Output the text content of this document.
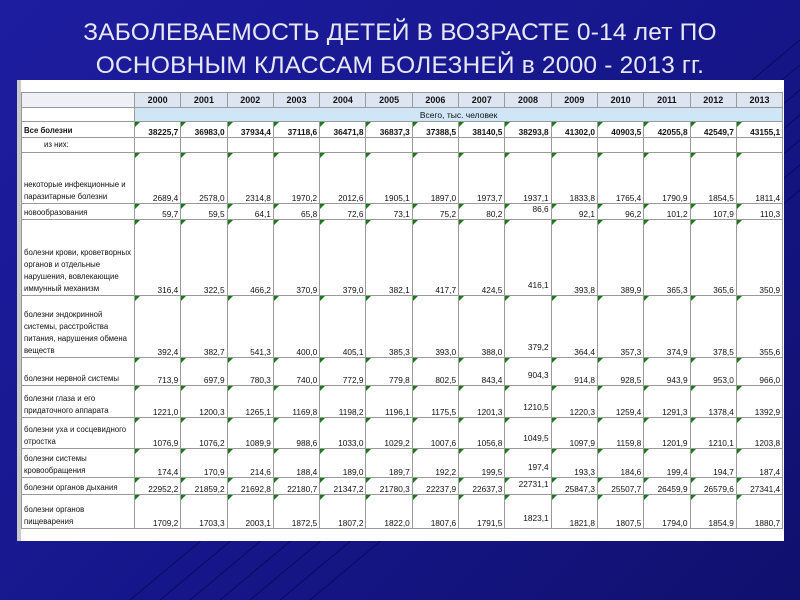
ЗАБОЛЕВАЕМОСТЬ ДЕТЕЙ В ВОЗРАСТЕ 0-14 лет ПО ОСНОВНЫМ КЛАССАМ БОЛЕЗНЕЙ в 2000 - 2013 гг.
	2000	2001	2002	2003	2004	2005	2006	2007	2008	2009	2010	2011	2012	2013
	Всего, тыс. человек													
Все болезни	38225,7	36983,0	37934,4	37118,6	36471,8	36837,3	37388,5	38140,5	38293,8	41302,0	40903,5	42055,8	42549,7	43155,1
из них:														
некоторые инфекционные и паразитарные болезни	2689,4	2578,0	2314,8	1970,2	2012,6	1905,1	1897,0	1973,7	1937,1	1833,8	1765,4	1790,9	1854,5	1811,4
новообразования	59,7	59,5	64,1	65,8	72,6	73,1	75,2	80,2	86,6	92,1	96,2	101,2	107,9	110,3
болезни крови, кроветворных органов и отдельные нарушения, вовлекающие иммунный механизм	316,4	322,5	466,2	370,9	379,0	382,1	417,7	424,5	416,1	393,8	389,9	365,3	365,6	350,9
болезни эндокринной системы, расстройства питания, нарушения обмена веществ	392,4	382,7	541,3	400,0	405,1	385,3	393,0	388,0	379,2	364,4	357,3	374,9	378,5	355,6
болезни нервной системы	713,9	697,9	780,3	740,0	772,9	779,8	802,5	843,4	904,3	914,8	928,5	943,9	953,0	966,0
болезни глаза и его придаточного аппарата	1221,0	1200,3	1265,1	1169,8	1198,2	1196,1	1175,5	1201,3	1210,5	1220,3	1259,4	1291,3	1378,4	1392,9
болезни уха и сосцевидного отростка	1076,9	1076,2	1089,9	988,6	1033,0	1029,2	1007,6	1056,8	1049,5	1097,9	1159,8	1201,9	1210,1	1203,8
болезни системы кровообращения	174,4	170,9	214,6	188,4	189,0	189,7	192,2	199,5	197,4	193,3	184,6	199,4	194,7	187,4
болезни органов дыхания	22952,2	21859,2	21692,8	22180,7	21347,2	21780,3	22237,9	22637,3	22731,1	25847,3	25507,7	26459,9	26579,6	27341,4
болезни органов пищеварения	1709,2	1703,3	2003,1	1872,5	1807,2	1822,0	1807,6	1791,5	1823,1	1821,8	1807,5	1794,0	1854,9	1880,7
